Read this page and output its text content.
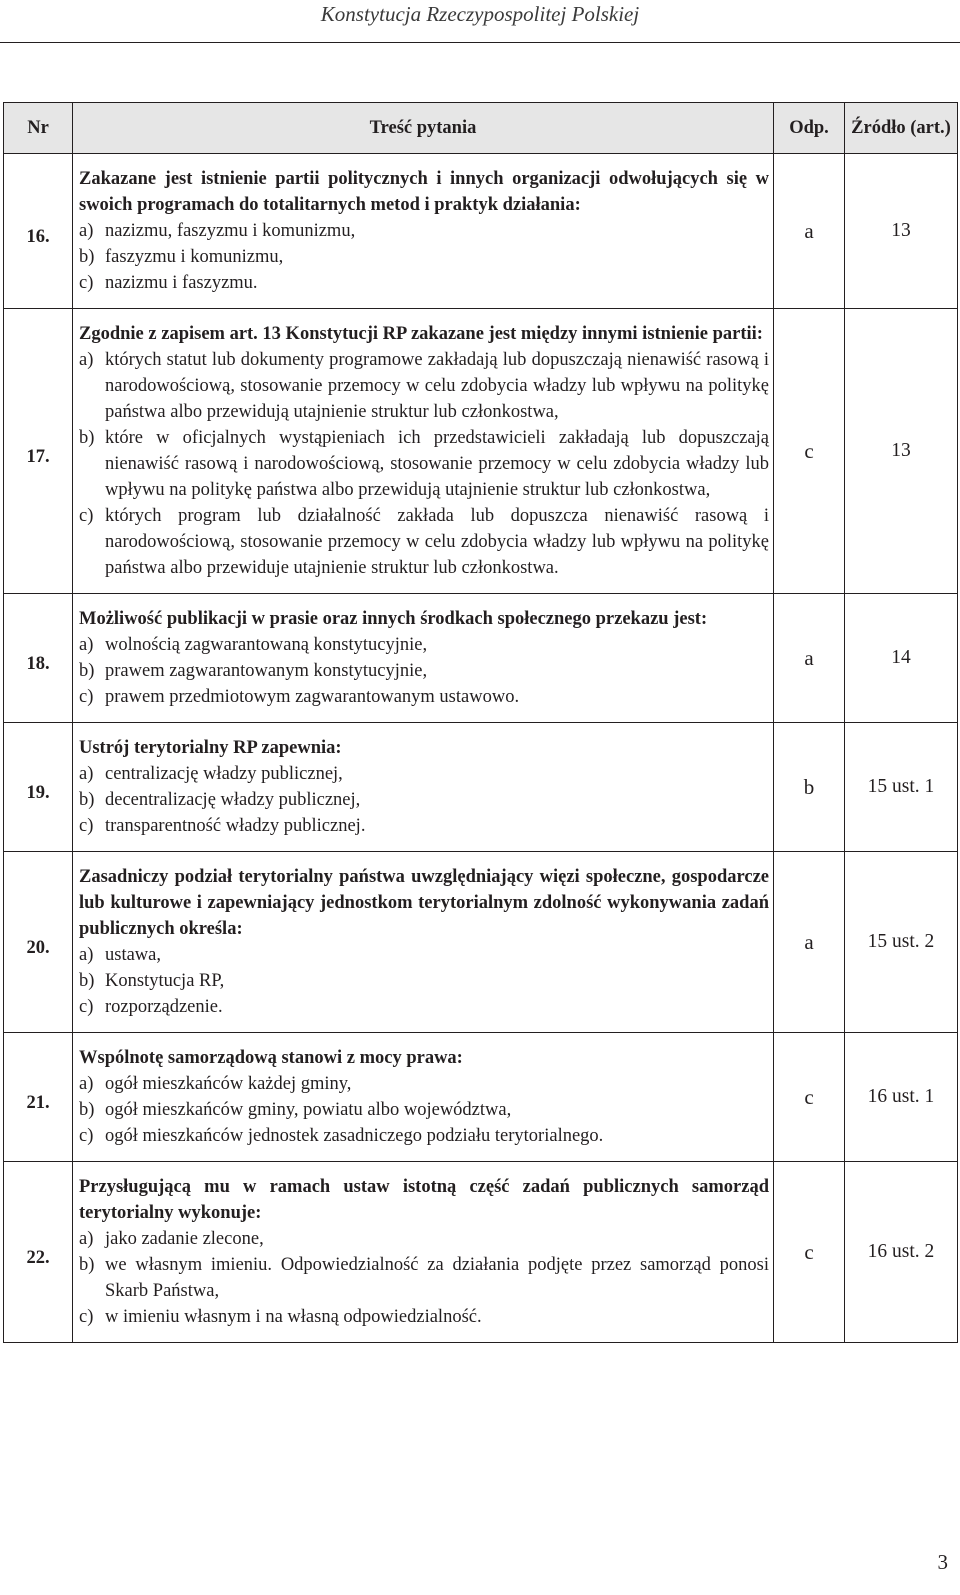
Konstytucja Rzeczypospolitej Polskiej
Nr	Treść pytania	Odp.	Źródło (art.)
16.	Zakazane jest istnienie partii politycznych i innych organizacji odwołujących się w swoich programach do totalitarnych metod i praktyk działania:
a) nazizmu, faszyzmu i komunizmu,
b) faszyzmu i komunizmu,
c) nazizmu i faszyzmu.	a	13
17.	Zgodnie z zapisem art. 13 Konstytucji RP zakazane jest między innymi istnienie partii:
a) których statut lub dokumenty programowe zakładają lub dopuszczają nienawiść rasową i narodowościową, stosowanie przemocy w celu zdobycia władzy lub wpływu na politykę państwa albo przewidują utajnienie struktur lub członkostwa,
b) które w oficjalnych wystąpieniach ich przedstawicieli zakładają lub dopuszczają nienawiść rasową i narodowościową, stosowanie przemocy w celu zdobycia władzy lub wpływu na politykę państwa albo przewidują utajnienie struktur lub członkostwa,
c) których program lub działalność zakłada lub dopuszcza nienawiść rasową i narodowościową, stosowanie przemocy w celu zdobycia władzy lub wpływu na politykę państwa albo przewiduje utajnienie struktur lub członkostwa.	c	13
18.	Możliwość publikacji w prasie oraz innych środkach społecznego przekazu jest:
a) wolnością zagwarantowaną konstytucyjnie,
b) prawem zagwarantowanym konstytucyjnie,
c) prawem przedmiotowym zagwarantowanym ustawowo.	a	14
19.	Ustrój terytorialny RP zapewnia:
a) centralizację władzy publicznej,
b) decentralizację władzy publicznej,
c) transparentność władzy publicznej.	b	15 ust. 1
20.	Zasadniczy podział terytorialny państwa uwzględniający więzi społeczne, gospodarcze lub kulturowe i zapewniający jednostkom terytorialnym zdolność wykonywania zadań publicznych określa:
a) ustawa,
b) Konstytucja RP,
c) rozporządzenie.	a	15 ust. 2
21.	Wspólnotę samorządową stanowi z mocy prawa:
a) ogół mieszkańców każdej gminy,
b) ogół mieszkańców gminy, powiatu albo województwa,
c) ogół mieszkańców jednostek zasadniczego podziału terytorialnego.	c	16 ust. 1
22.	Przysługującą mu w ramach ustaw istotną część zadań publicznych samorząd terytorialny wykonuje:
a) jako zadanie zlecone,
b) we własnym imieniu. Odpowiedzialność za działania podjęte przez samorząd ponosi Skarb Państwa,
c) w imieniu własnym i na własną odpowiedzialność.	c	16 ust. 2
3
